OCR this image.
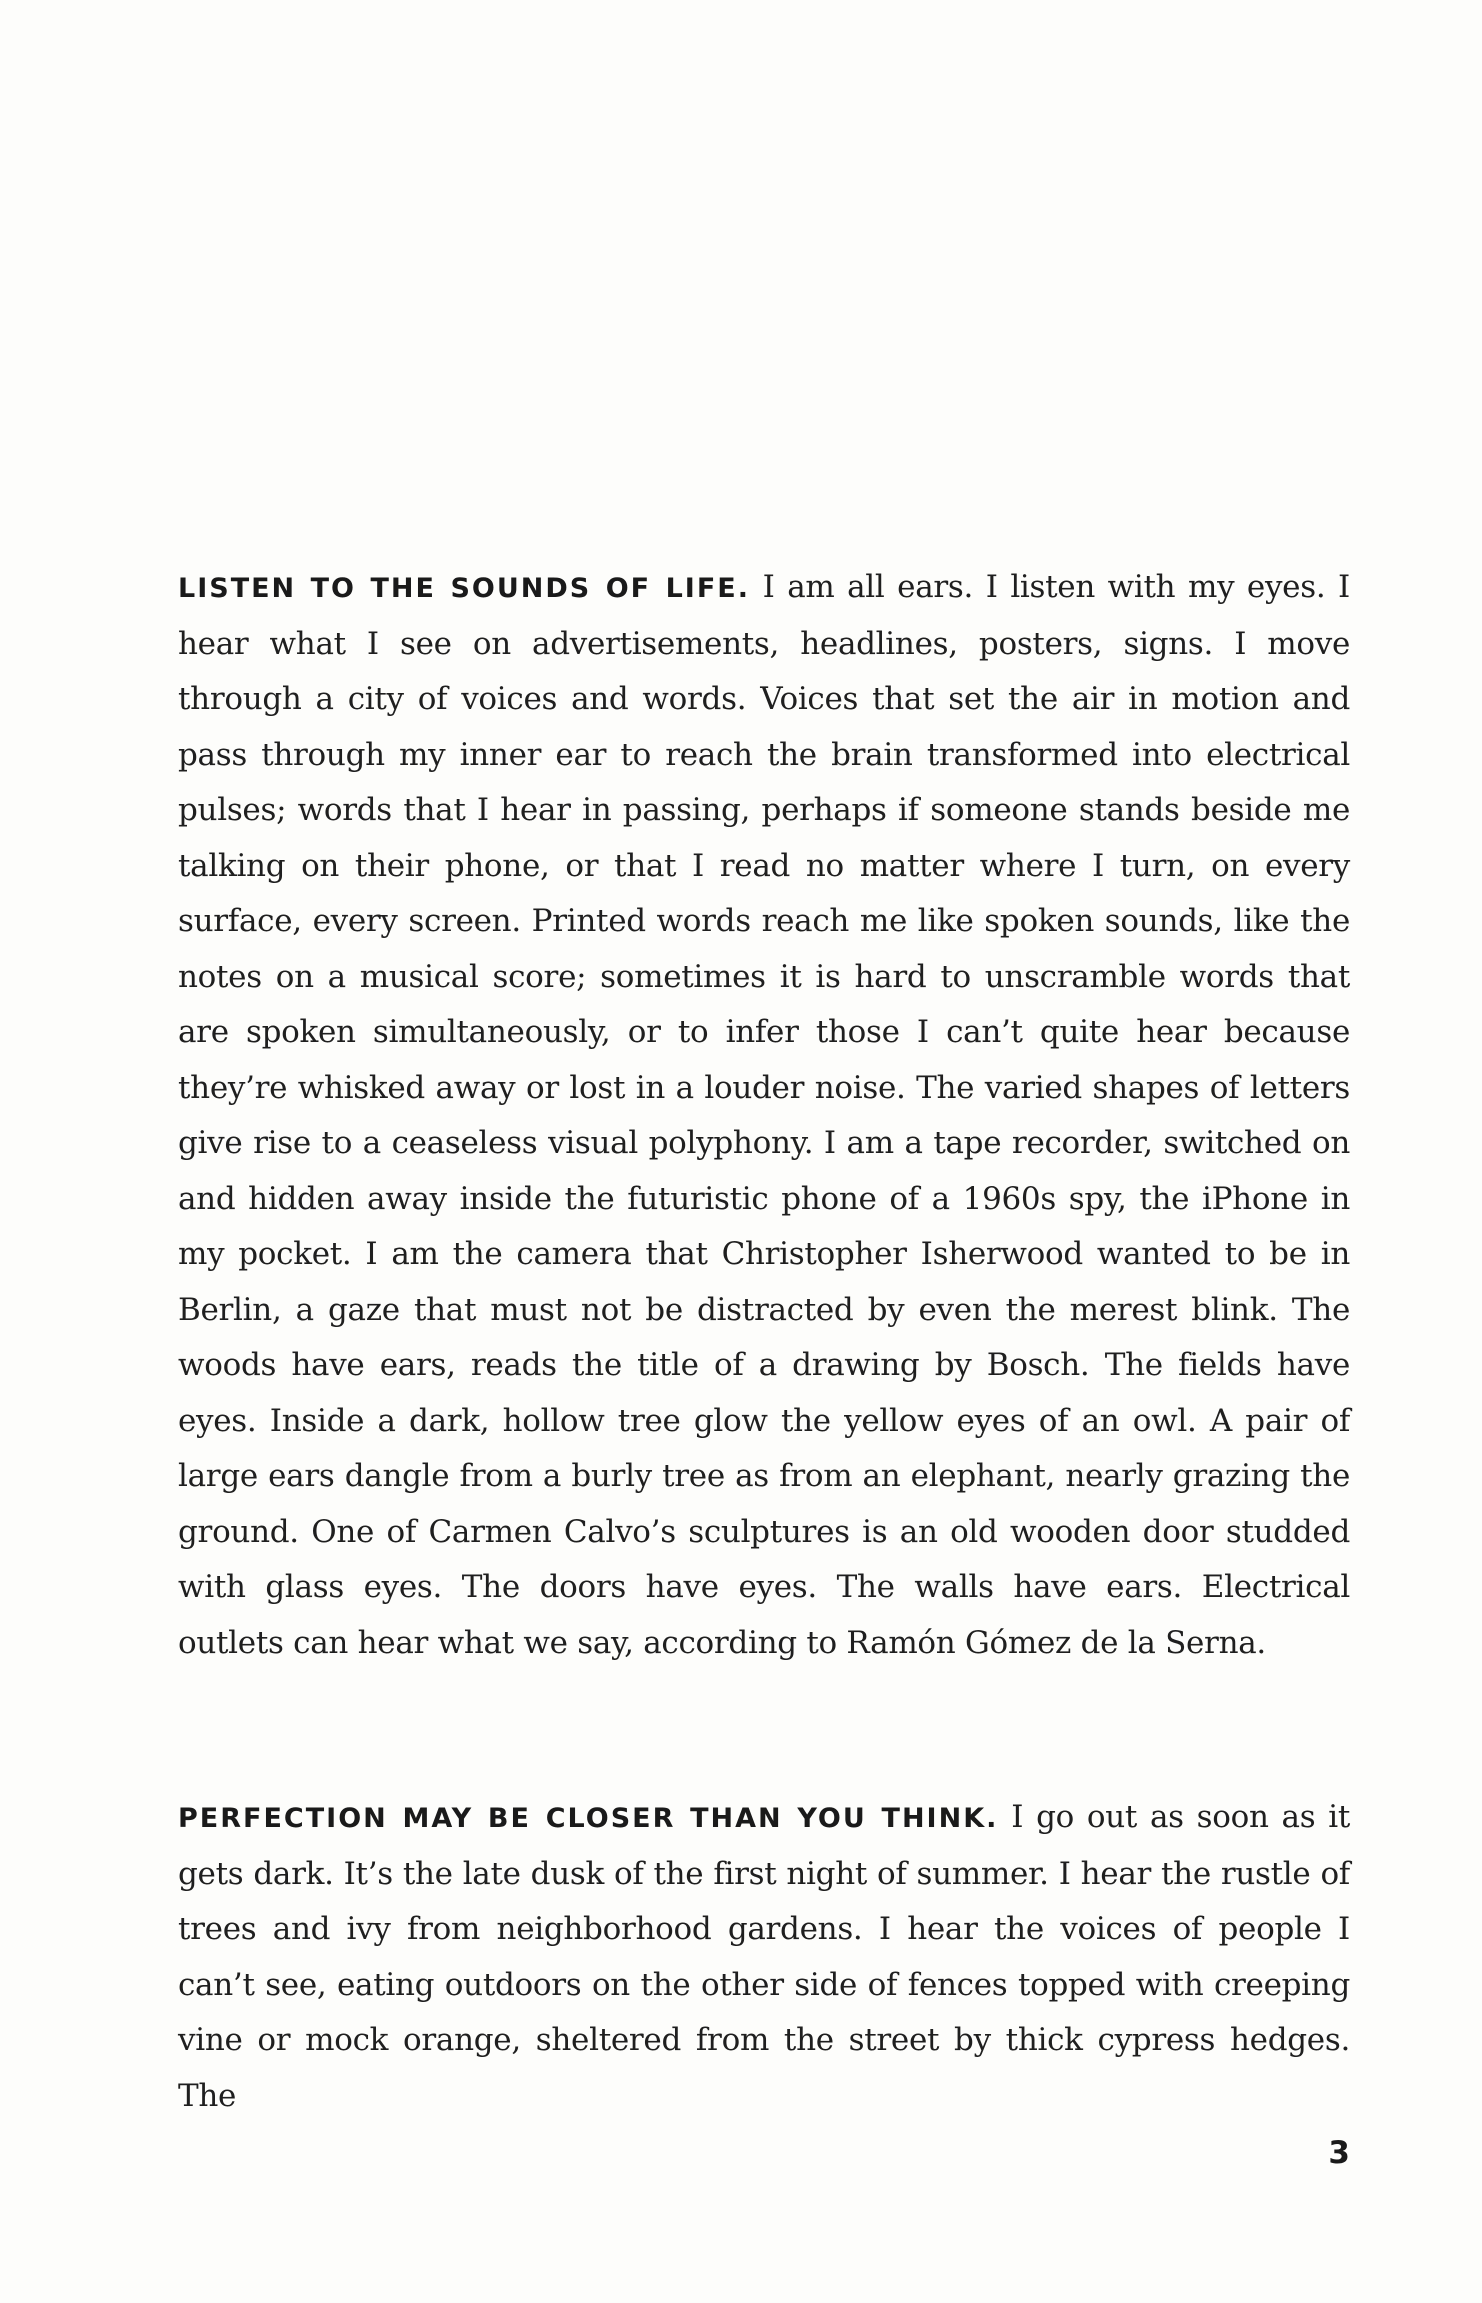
LISTEN TO THE SOUNDS OF LIFE. I am all ears. I listen with my eyes. I hear what I see on advertisements, headlines, posters, signs. I move through a city of voices and words. Voices that set the air in motion and pass through my inner ear to reach the brain transformed into electrical pulses; words that I hear in passing, perhaps if someone stands beside me talking on their phone, or that I read no matter where I turn, on every surface, every screen. Printed words reach me like spoken sounds, like the notes on a musical score; sometimes it is hard to unscramble words that are spoken simultaneously, or to infer those I can’t quite hear because they’re whisked away or lost in a louder noise. The varied shapes of letters give rise to a ceaseless visual polyphony. I am a tape recorder, switched on and hidden away inside the futuristic phone of a 1960s spy, the iPhone in my pocket. I am the camera that Christopher Isherwood wanted to be in Berlin, a gaze that must not be distracted by even the merest blink. The woods have ears, reads the title of a drawing by Bosch. The fields have eyes. Inside a dark, hollow tree glow the yellow eyes of an owl. A pair of large ears dangle from a burly tree as from an elephant, nearly grazing the ground. One of Carmen Calvo’s sculptures is an old wooden door studded with glass eyes. The doors have eyes. The walls have ears. Electrical outlets can hear what we say, according to Ramón Gómez de la Serna.

PERFECTION MAY BE CLOSER THAN YOU THINK. I go out as soon as it gets dark. It’s the late dusk of the first night of summer. I hear the rustle of trees and ivy from neighborhood gardens. I hear the voices of people I can’t see, eating outdoors on the other side of fences topped with creeping vine or mock orange, sheltered from the street by thick cypress hedges. The

3
